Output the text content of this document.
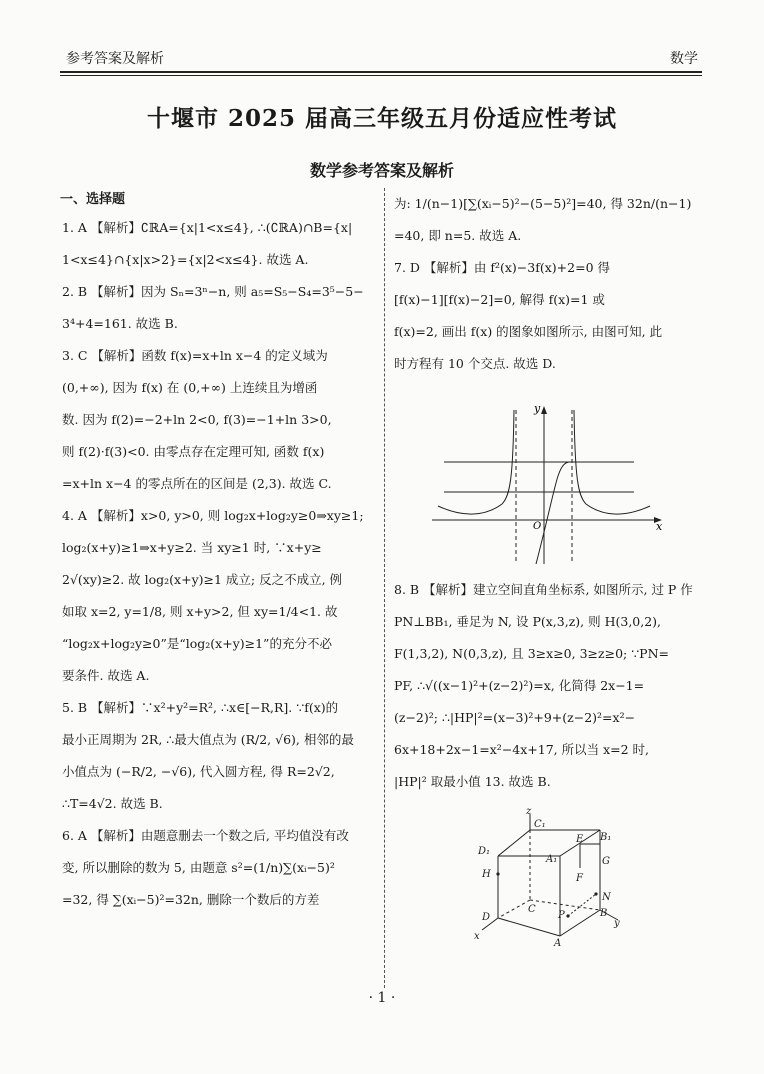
参考答案及解析	数学
十堰市 2025 届高三年级五月份适应性考试
数学参考答案及解析
一、选择题
1. A 【解析】∁ℝA={x|1<x≤4}, ∴(∁ℝA)∩B={x|
1<x≤4}∩{x|x>2}={x|2<x≤4}. 故选 A.
2. B 【解析】因为 Sₙ=3ⁿ−n, 则 a₅=S₅−S₄=3⁵−5−
3⁴+4=161. 故选 B.
3. C 【解析】函数 f(x)=x+ln x−4 的定义域为
(0,+∞), 因为 f(x) 在 (0,+∞) 上连续且为增函
数. 因为 f(2)=−2+ln 2<0, f(3)=−1+ln 3>0,
则 f(2)·f(3)<0. 由零点存在定理可知, 函数 f(x)
=x+ln x−4 的零点所在的区间是 (2,3). 故选 C.
4. A 【解析】x>0, y>0, 则 log₂x+log₂y≥0⇒xy≥1;
log₂(x+y)≥1⇒x+y≥2. 当 xy≥1 时, ∵x+y≥
2√(xy)≥2. 故 log₂(x+y)≥1 成立; 反之不成立, 例
如取 x=2, y=1/8, 则 x+y>2, 但 xy=1/4<1. 故
“log₂x+log₂y≥0”是“log₂(x+y)≥1”的充分不必
要条件. 故选 A.
5. B 【解析】∵x²+y²=R², ∴x∈[−R,R]. ∵f(x)的
最小正周期为 2R, ∴最大值点为 (R/2, √6), 相邻的最
小值点为 (−R/2, −√6), 代入圆方程, 得 R=2√2,
∴T=4√2. 故选 B.
6. A 【解析】由题意删去一个数之后, 平均值没有改
变, 所以删除的数为 5, 由题意 s²=(1/n)∑(xᵢ−5)²
=32, 得 ∑(xᵢ−5)²=32n, 删除一个数后的方差
为: 1/(n−1)[∑(xᵢ−5)²−(5−5)²]=40, 得 32n/(n−1)
=40, 即 n=5. 故选 A.
7. D 【解析】由 f²(x)−3f(x)+2=0 得
[f(x)−1][f(x)−2]=0, 解得 f(x)=1 或
f(x)=2, 画出 f(x) 的图象如图所示, 由图可知, 此
时方程有 10 个交点. 故选 D.
y
x
O
8. B 【解析】建立空间直角坐标系, 如图所示, 过 P 作
PN⊥BB₁, 垂足为 N, 设 P(x,3,z), 则 H(3,0,2),
F(1,3,2), N(0,3,z), 且 3≥x≥0, 3≥z≥0; ∵PN=
PF, ∴√((x−1)²+(z−2)²)=x, 化简得 2x−1=
(z−2)²; ∴|HP|²=(x−3)²+9+(z−2)²=x²−
6x+18+2x−1=x²−4x+17, 所以当 x=2 时,
|HP|² 取最小值 13. 故选 B.
z
C₁
B₁
D₁
A₁
E
G
H	F
N
C
P	B
D
y
x
A
· 1 ·
